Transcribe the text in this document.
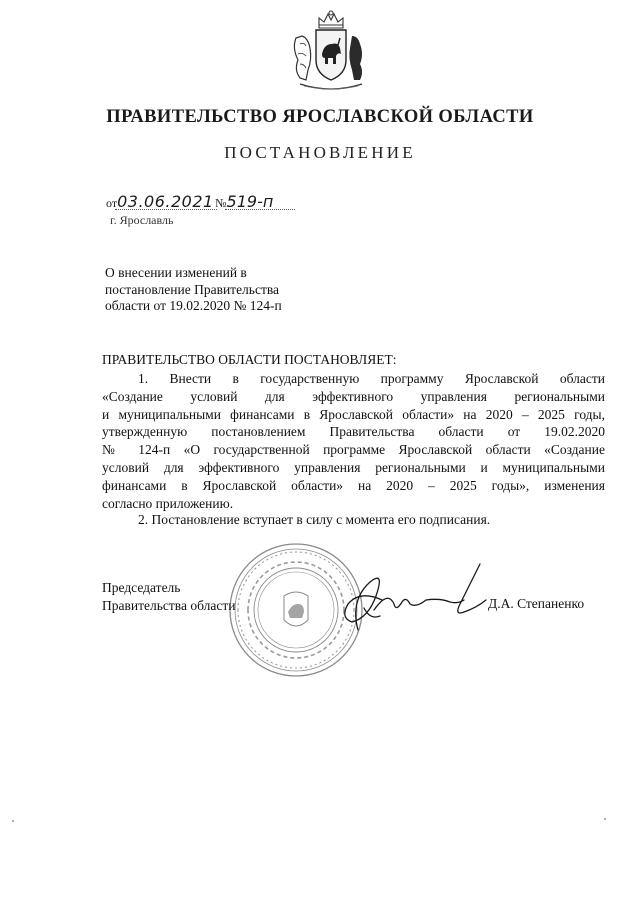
ПРАВИТЕЛЬСТВО ЯРОСЛАВСКОЙ ОБЛАСТИ
ПОСТАНОВЛЕНИЕ
от03.06.2021№519-п
г. Ярославль
О внесении изменений в
постановление Правительства
области от 19.02.2020 № 124-п
ПРАВИТЕЛЬСТВО ОБЛАСТИ ПОСТАНОВЛЯЕТ:
1. Внести в государственную программу Ярославской области
«Создание условий для эффективного управления региональными
и муниципальными финансами в Ярославской области» на 2020 – 2025 годы,
утвержденную постановлением Правительства области от 19.02.2020
№ 124-п «О государственной программе Ярославской области «Создание
условий для эффективного управления региональными и муниципальными
финансами в Ярославской области» на 2020 – 2025 годы», изменения
согласно приложению.
2. Постановление вступает в силу с момента его подписания.
Председатель
Правительства области	Д.А. Степаненко
